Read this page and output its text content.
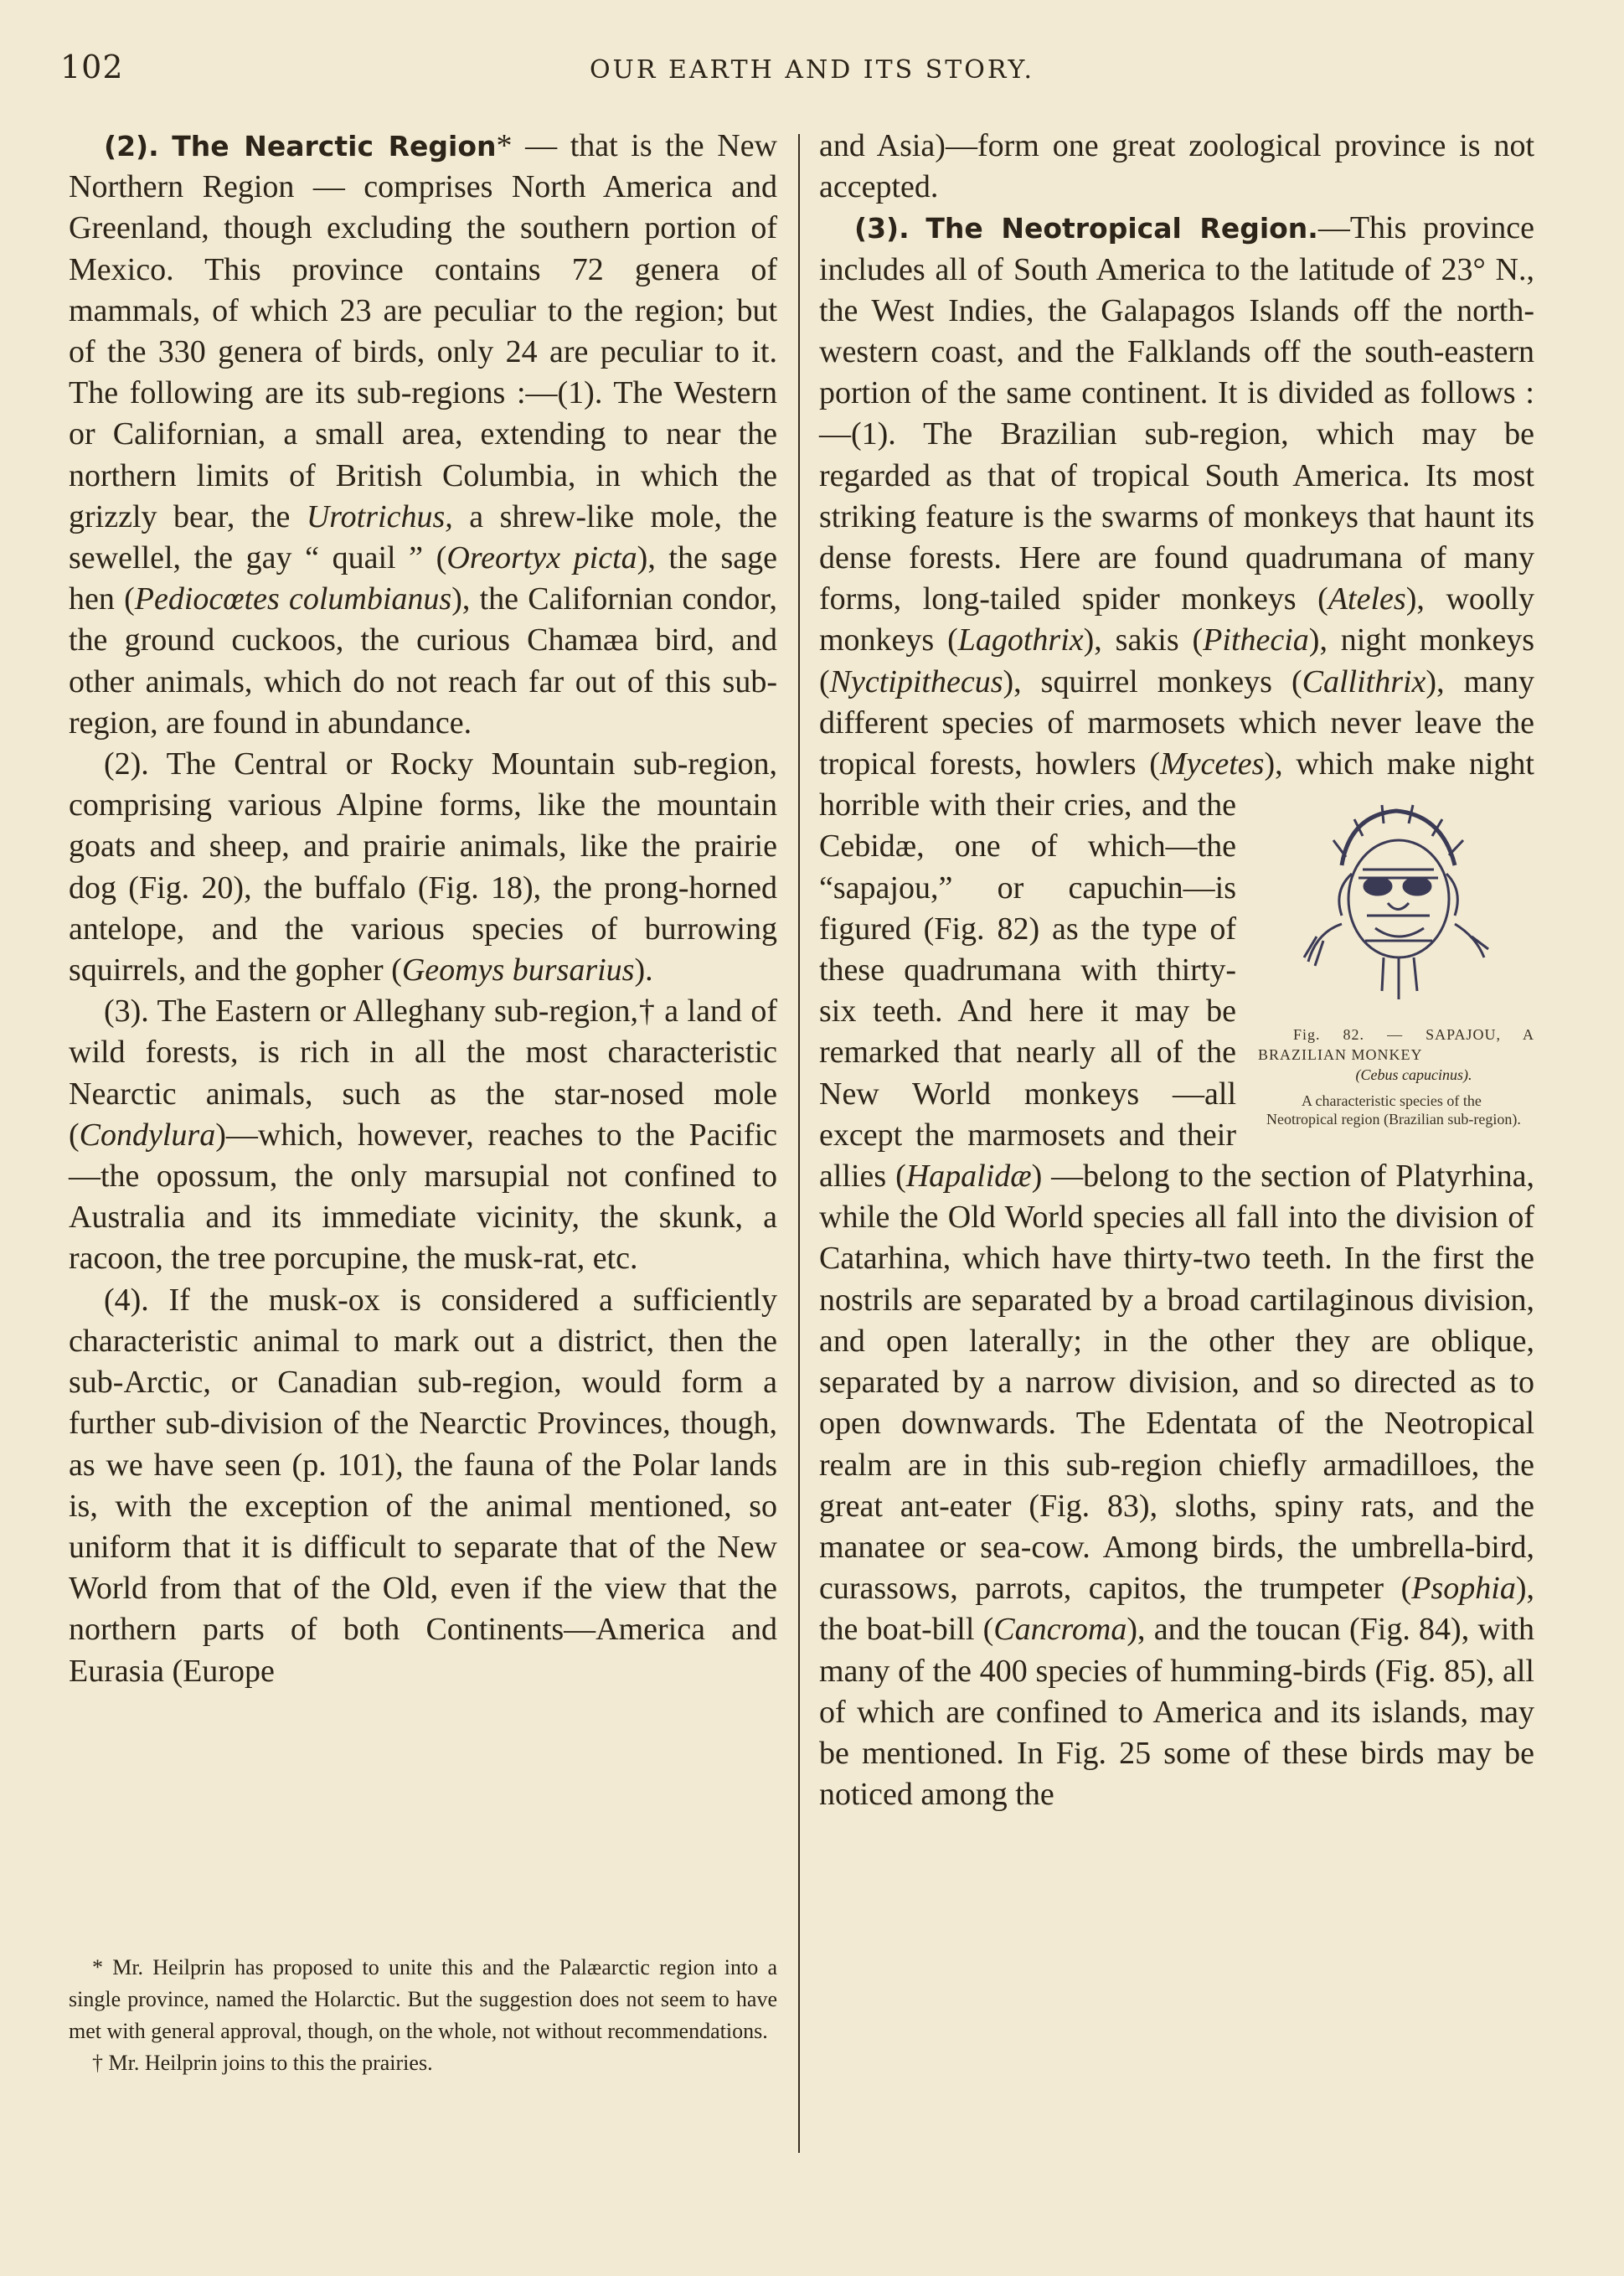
102	OUR EARTH AND ITS STORY.

(2). The Nearctic Region* — that is the New Northern Region — comprises North America and Greenland, though excluding the southern portion of Mexico. This province contains 72 genera of mammals, of which 23 are peculiar to the region; but of the 330 genera of birds, only 24 are peculiar to it. The following are its sub-regions :—(1). The Western or Californian, a small area, extending to near the northern limits of British Columbia, in which the grizzly bear, the Urotrichus, a shrew-like mole, the sewellel, the gay “ quail ” (Oreortyx picta), the sage hen (Pediocœtes columbianus), the Californian condor, the ground cuckoos, the curious Chamæa bird, and other animals, which do not reach far out of this sub-region, are found in abundance.

(2). The Central or Rocky Mountain sub-region, comprising various Alpine forms, like the mountain goats and sheep, and prairie animals, like the prairie dog (Fig. 20), the buffalo (Fig. 18), the prong-horned antelope, and the various species of burrowing squirrels, and the gopher (Geomys bursarius).

(3). The Eastern or Alleghany sub-region,† a land of wild forests, is rich in all the most characteristic Nearctic animals, such as the star-nosed mole (Condylura)—which, however, reaches to the Pacific—the opossum, the only marsupial not confined to Australia and its immediate vicinity, the skunk, a racoon, the tree porcupine, the musk-rat, etc.

(4). If the musk-ox is considered a sufficiently characteristic animal to mark out a district, then the sub-Arctic, or Canadian sub-region, would form a further sub-division of the Nearctic Provinces, though, as we have seen (p. 101), the fauna of the Polar lands is, with the exception of the animal mentioned, so uniform that it is difficult to separate that of the New World from that of the Old, even if the view that the northern parts of both Continents—America and Eurasia (Europe

* Mr. Heilprin has proposed to unite this and the Palæarctic region into a single province, named the Holarctic. But the suggestion does not seem to have met with general approval, though, on the whole, not without recommendations.

† Mr. Heilprin joins to this the prairies.

and Asia)—form one great zoological province is not accepted.

(3). The Neotropical Region.—This province includes all of South America to the latitude of 23° N., the West Indies, the Galapagos Islands off the north-western coast, and the Falklands off the south-eastern portion of the same continent. It is divided as follows : —(1). The Brazilian sub-region, which may be regarded as that of tropical South America. Its most striking feature is the swarms of monkeys that haunt its dense forests. Here are found quadrumana of many forms, long-tailed spider monkeys (Ateles), woolly monkeys (Lagothrix), sakis (Pithecia), night monkeys (Nyctipithecus), squirrel monkeys (Callithrix), many different species of marmosets which never leave the tropical forests, howlers (Mycetes
Fig. 82. — SAPAJOU, A BRAZILIAN MONKEY
(Cebus capucinus).
A characteristic species of the Neotropical region (Brazilian sub-region).
), which make night horrible with their cries, and the Cebidæ, one of which—the “sapajou,” or capuchin—is figured (Fig. 82) as the type of these quadrumana with thirty-six teeth. And here it may be remarked that nearly all of the New World monkeys —all except the marmosets and their allies (Hapalidæ) —belong to the section of Platyrhina, while the Old World species all fall into the division of Catarhina, which have thirty-two teeth. In the first the nostrils are separated by a broad cartilaginous division, and open laterally; in the other they are oblique, separated by a narrow division, and so directed as to open downwards. The Edentata of the Neotropical realm are in this sub-region chiefly armadilloes, the great ant-eater (Fig. 83), sloths, spiny rats, and the manatee or sea-cow. Among birds, the umbrella-bird, curassows, parrots, capitos, the trumpeter (Psophia), the boat-bill (Cancroma), and the toucan (Fig. 84), with many of the 400 species of humming-birds (Fig. 85), all of which are confined to America and its islands, may be mentioned. In Fig. 25 some of these birds may be noticed among the
